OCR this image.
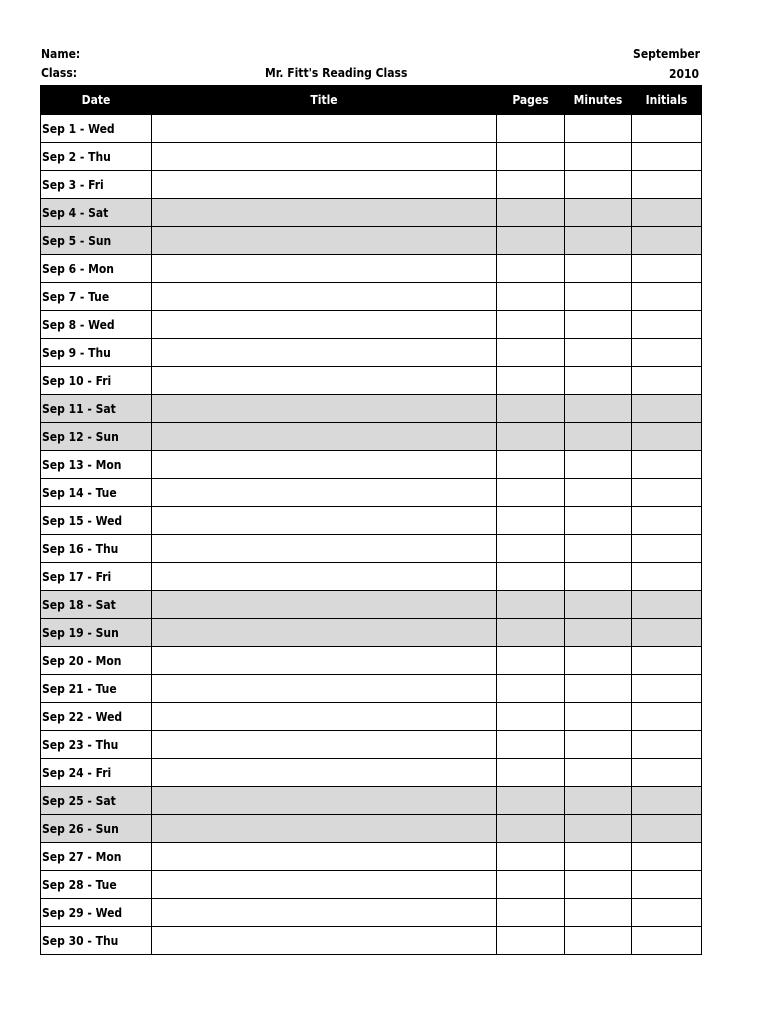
Name:
Class:	Mr. Fitt's Reading Class
September
2010
Date	Title	Pages	Minutes	Initials
Sep 1 - Wed				
Sep 2 - Thu				
Sep 3 - Fri				
Sep 4 - Sat				
Sep 5 - Sun				
Sep 6 - Mon				
Sep 7 - Tue				
Sep 8 - Wed				
Sep 9 - Thu				
Sep 10 - Fri				
Sep 11 - Sat				
Sep 12 - Sun				
Sep 13 - Mon				
Sep 14 - Tue				
Sep 15 - Wed				
Sep 16 - Thu				
Sep 17 - Fri				
Sep 18 - Sat				
Sep 19 - Sun				
Sep 20 - Mon				
Sep 21 - Tue				
Sep 22 - Wed				
Sep 23 - Thu				
Sep 24 - Fri				
Sep 25 - Sat				
Sep 26 - Sun				
Sep 27 - Mon				
Sep 28 - Tue				
Sep 29 - Wed				
Sep 30 - Thu				
